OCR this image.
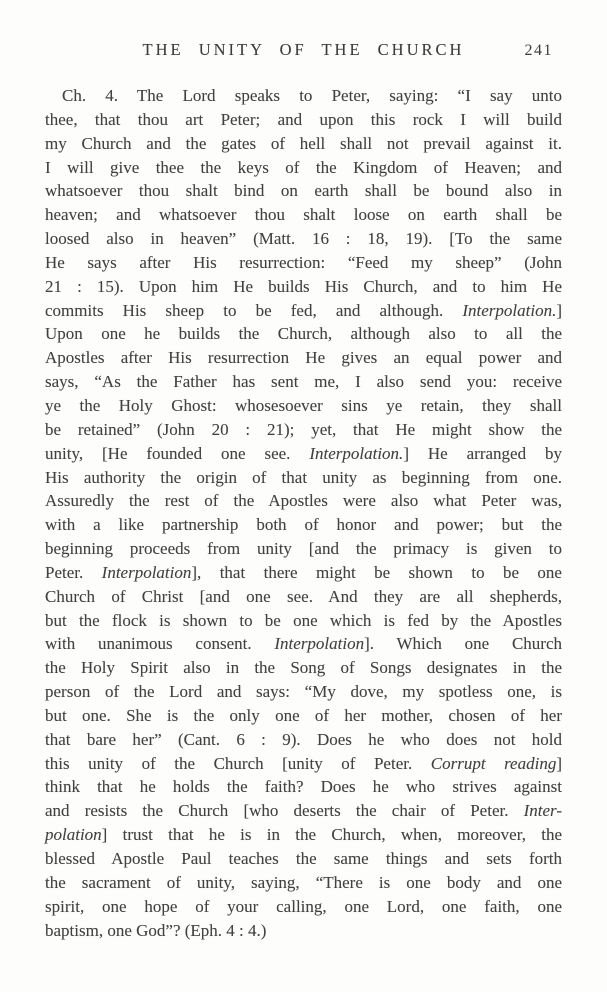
THE UNITY OF THE CHURCH	241
Ch. 4. The Lord speaks to Peter, saying: “I say unto
thee, that thou art Peter; and upon this rock I will build
my Church and the gates of hell shall not prevail against it.
I will give thee the keys of the Kingdom of Heaven; and
whatsoever thou shalt bind on earth shall be bound also in
heaven; and whatsoever thou shalt loose on earth shall be
loosed also in heaven” (Matt. 16 : 18, 19). [To the same
He says after His resurrection: “Feed my sheep” (John
21 : 15). Upon him He builds His Church, and to him He
commits His sheep to be fed, and although. Interpolation.]
Upon one he builds the Church, although also to all the
Apostles after His resurrection He gives an equal power and
says, “As the Father has sent me, I also send you: receive
ye the Holy Ghost: whosesoever sins ye retain, they shall
be retained” (John 20 : 21); yet, that He might show the
unity, [He founded one see. Interpolation.] He arranged by
His authority the origin of that unity as beginning from one.
Assuredly the rest of the Apostles were also what Peter was,
with a like partnership both of honor and power; but the
beginning proceeds from unity [and the primacy is given to
Peter. Interpolation], that there might be shown to be one
Church of Christ [and one see. And they are all shepherds,
but the flock is shown to be one which is fed by the Apostles
with unanimous consent. Interpolation]. Which one Church
the Holy Spirit also in the Song of Songs designates in the
person of the Lord and says: “My dove, my spotless one, is
but one. She is the only one of her mother, chosen of her
that bare her” (Cant. 6 : 9). Does he who does not hold
this unity of the Church [unity of Peter. Corrupt reading]
think that he holds the faith? Does he who strives against
and resists the Church [who deserts the chair of Peter. Inter-
polation] trust that he is in the Church, when, moreover, the
blessed Apostle Paul teaches the same things and sets forth
the sacrament of unity, saying, “There is one body and one
spirit, one hope of your calling, one Lord, one faith, one
baptism, one God”? (Eph. 4 : 4.)
